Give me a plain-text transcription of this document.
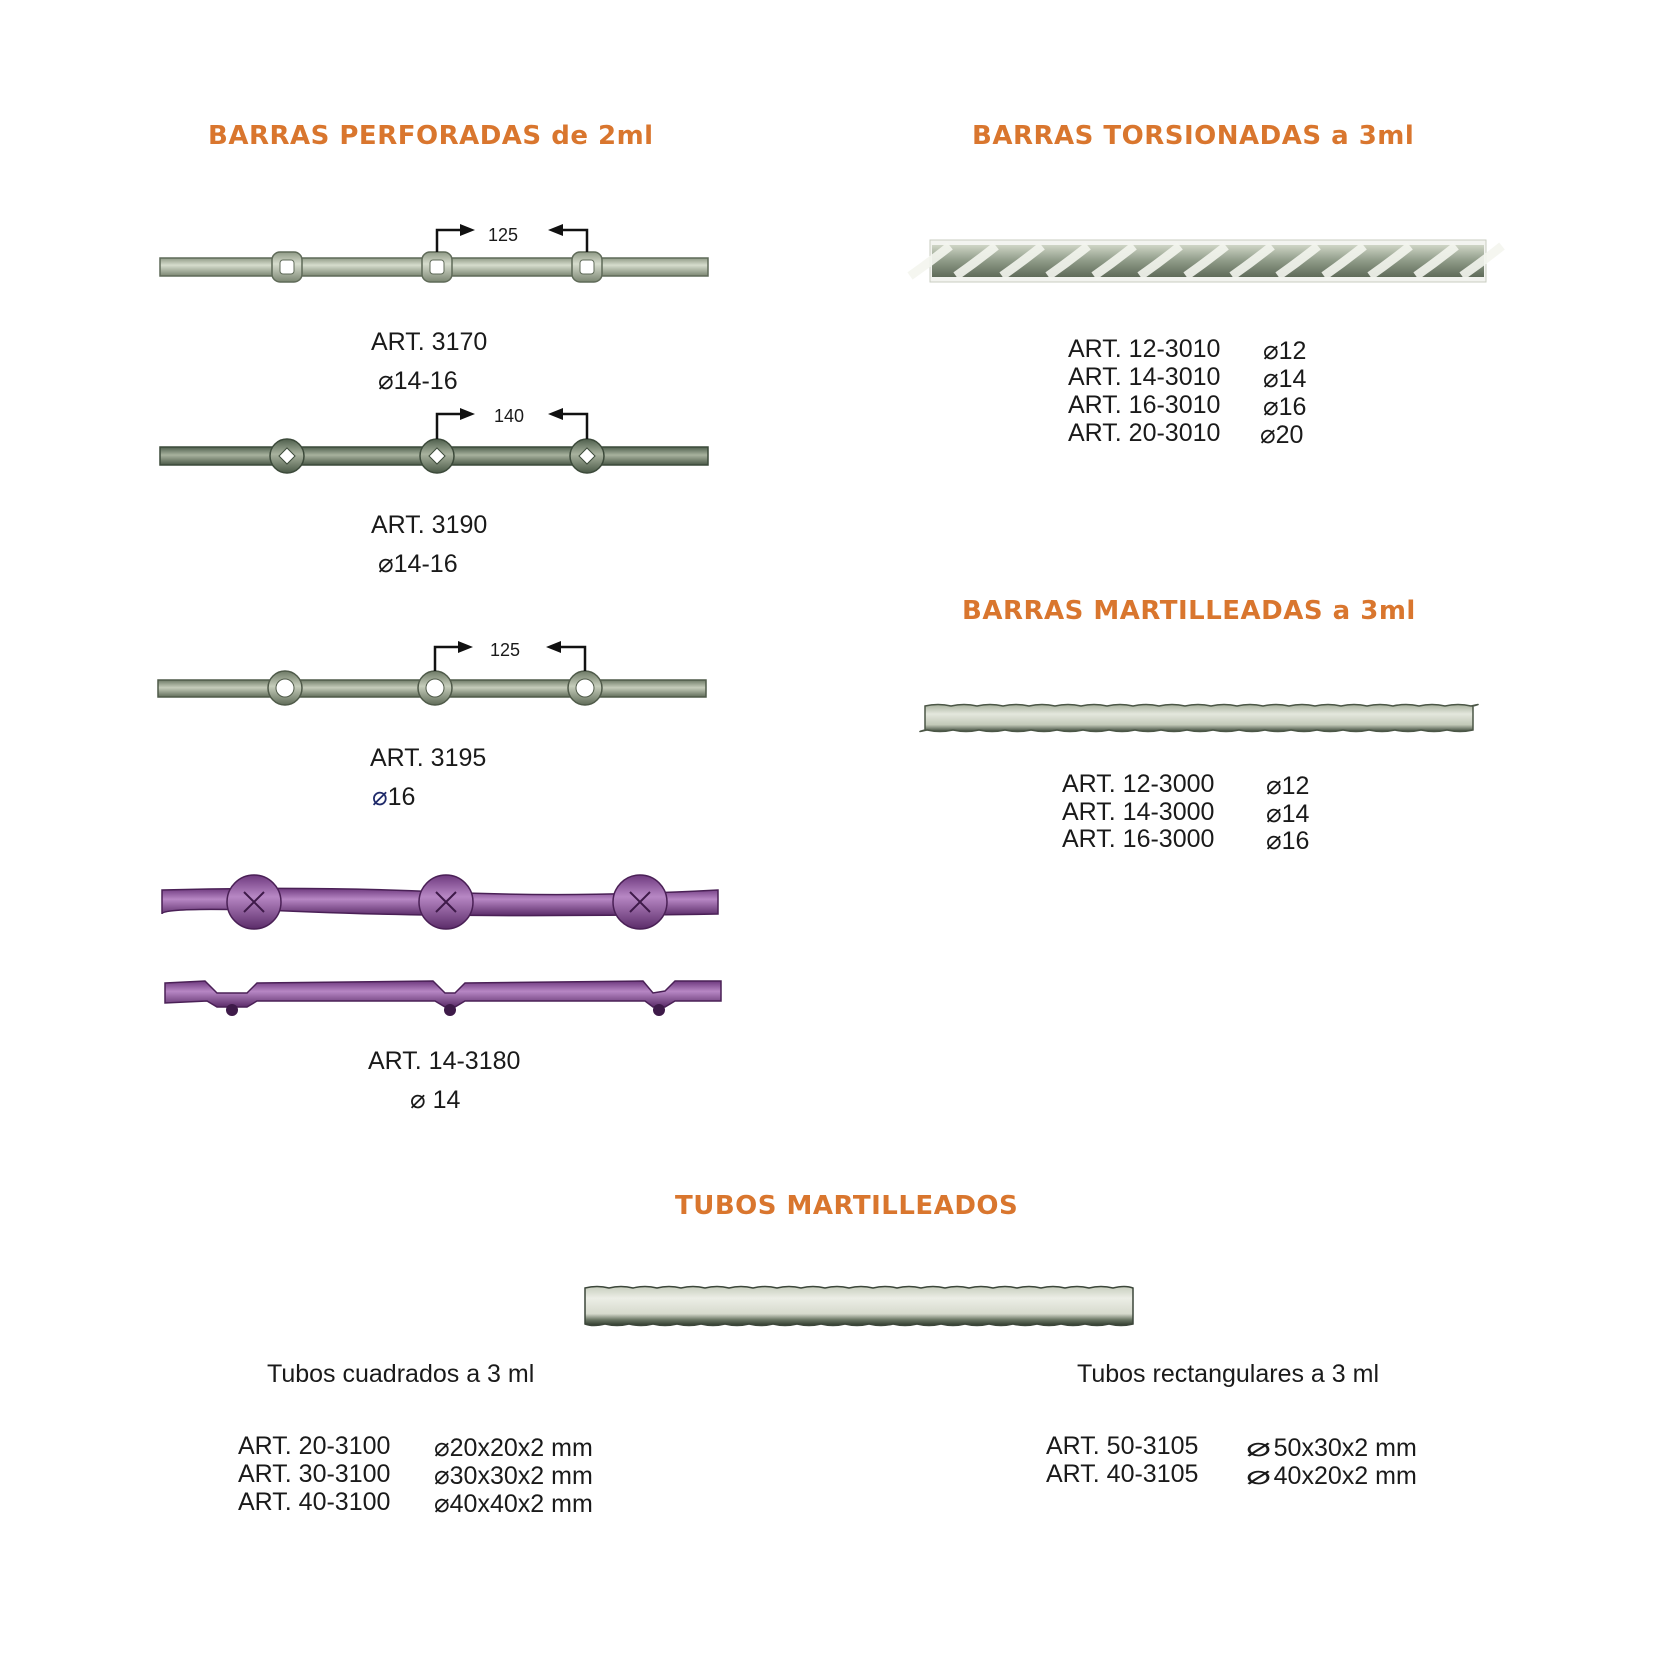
BARRAS PERFORADAS de 2ml	BARRAS TORSIONADAS a 3ml
BARRAS MARTILLEADAS a 3ml
TUBOS MARTILLEADOS
125
ART. 3170
⌀14-16
140
ART. 3190
⌀14-16
125
ART. 3195
⌀16
ART. 14-3180
⌀ 14
ART. 12-3010 ⌀12
ART. 14-3010 ⌀14
ART. 16-3010 ⌀16
ART. 20-3010 ⌀20
ART. 12-3000 ⌀12
ART. 14-3000 ⌀14
ART. 16-3000 ⌀16
Tubos cuadrados a 3 ml	Tubos rectangulares a 3 ml
ART. 20-3100 ⌀20x20x2 mm
ART. 30-3100 ⌀30x30x2 mm
ART. 40-3100 ⌀40x40x2 mm
ART. 50-3105 ⌀ 50x30x2 mm
ART. 40-3105 ⌀ 40x20x2 mm
